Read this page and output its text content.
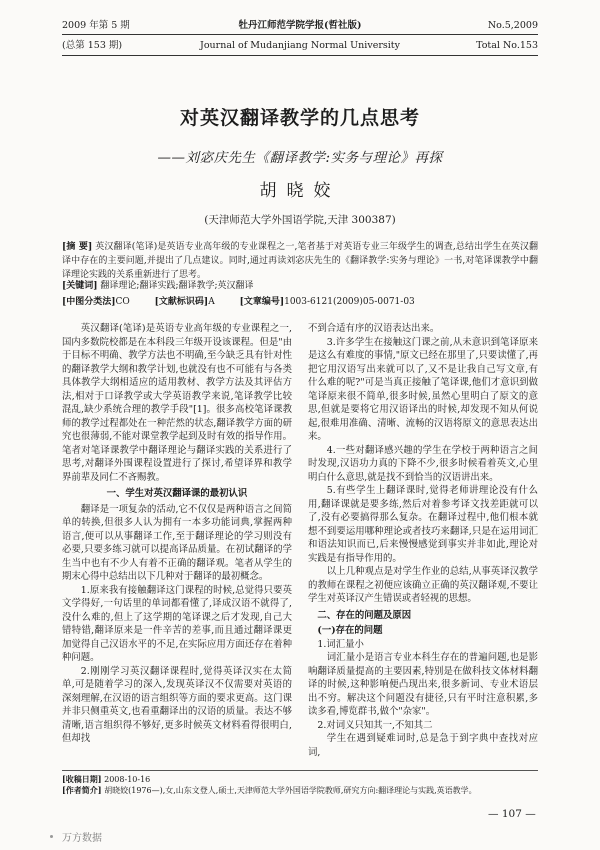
2009 年第 5 期
(总第 153 期)
牡丹江师范学院学报(哲社版)
Journal of Mudanjiang Normal University
No.5,2009
Total No.153
对英汉翻译教学的几点思考
——刘宓庆先生《翻译教学:实务与理论》再探
胡晓姣
(天津师范大学外国语学院,天津 300387)
[摘 要] 英汉翻译(笔译)是英语专业高年级的专业课程之一,笔者基于对英语专业三年级学生的调查,总结出学生在英汉翻译中存在的主要问题,并提出了几点建议。同时,通过再读刘宓庆先生的《翻译教学:实务与理论》一书,对笔译课教学中翻译理论实践的关系重新进行了思考。
[关键词] 翻译理论;翻译实践;翻译教学;英汉翻译
[中图分类法]CO	[文献标识码]A	[文章编号]1003-6121(2009)05-0071-03

英汉翻译(笔译)是英语专业高年级的专业课程之一,国内多数院校都是在本科段三年级开设该课程。但是"由于目标不明确、教学方法也不明确,至今缺乏具有针对性的翻译教学大纲和教学计划,也就没有也不可能有与各类具体教学大纲相适应的适用教材、教学方法及其评估方法,相对于口译教学或大学英语教学来说,笔译教学比较混乱,缺少系统合理的教学手段"[1]。很多高校笔译课教师的教学过程都处在一种茫然的状态,翻译教学方面的研究也很薄弱,不能对课堂教学起到及时有效的指导作用。笔者对笔译课教学中翻译理论与翻译实践的关系进行了思考,对翻译外围课程设置进行了探讨,希望译界和教学界前辈及同仁不吝赐教。

一、学生对英汉翻译课的最初认识

翻译是一项复杂的活动,它不仅仅是两种语言之间简单的转换,但很多人认为拥有一本多功能词典,掌握两种语言,便可以从事翻译工作,至于翻译理论的学习则没有必要,只要多练习就可以提高译品质量。在初试翻译的学生当中也有不少人有着不正确的翻译观。笔者从学生的期末心得中总结出以下几种对于翻译的最初概念。

1.原来我有接触翻译这门课程的时候,总觉得只要英文学得好,一句话里的单词都看懂了,译成汉语不就得了,没什么难的,但上了这学期的笔译课之后才发现,自己大错特错,翻译原来是一件辛苦的差事,而且通过翻译课更加觉得自己汉语水平的不足,在实际应用方面还存在着种种问题。

2.刚刚学习英汉翻译课程时,觉得英译汉实在太简单,可是随着学习的深入,发现英译汉不仅需要对英语的深刻理解,在汉语的语言组织等方面的要求更高。这门课并非只侧重英文,也看重翻译出的汉语的质量。表达不够清晰,语言组织得不够好,更多时候英文材料看得很明白,但却找

不到合适有序的汉语表达出来。

3.许多学生在接触这门课之前,从未意识到笔译原来是这么有难度的事情,"原文已经在那里了,只要读懂了,再把它用汉语写出来就可以了,又不是让我自己写文章,有什么难的呢?"可是当真正接触了笔译课,他们才意识到做笔译原来很不简单,很多时候,虽然心里明白了原文的意思,但就是要将它用汉语译出的时候,却发现不知从何说起,很难用准确、清晰、流畅的汉语将原文的意思表达出来。

4.一些对翻译感兴趣的学生在学校于两种语言之间时发现,汉语功力真的下降不少,很多时候看着英文,心里明白什么意思,就是找不到恰当的汉语讲出来。

5.有些学生上翻译课时,觉得老师讲理论没有什么用,翻译课就是要多练,然后对着参考译文找差距就可以了,没有必要搞得那么复杂。在翻译过程中,他们根本就想不到要运用哪种理论或者技巧来翻译,只是在运用词汇和语法知识而已,后来慢慢感觉到事实并非如此,理论对实践是有指导作用的。

以上几种观点是对学生作业的总结,从事英译汉教学的教师在课程之初便应该确立正确的英汉翻译观,不要让学生对英译汉产生错误或者轻视的思想。

二、存在的问题及原因

(一)存在的问题

1.词汇量小

词汇量小是语言专业本科生存在的普遍问题,也是影响翻译质量提高的主要因素,特别是在做科技文体材料翻译的时候,这种影响便凸现出来,很多新词、专业术语层出不穷。解决这个问题没有捷径,只有平时注意积累,多读多看,博览群书,做个"杂家"。

2.对词义只知其一,不知其二

学生在遇到疑难词时,总是急于到字典中查找对应词,

[收稿日期] 2008-10-16
[作者简介] 胡晓姣(1976—),女,山东文登人,硕士,天津师范大学外国语学院教师,研究方向:翻译理论与实践,英语教学。
— 107 —
万方数据
